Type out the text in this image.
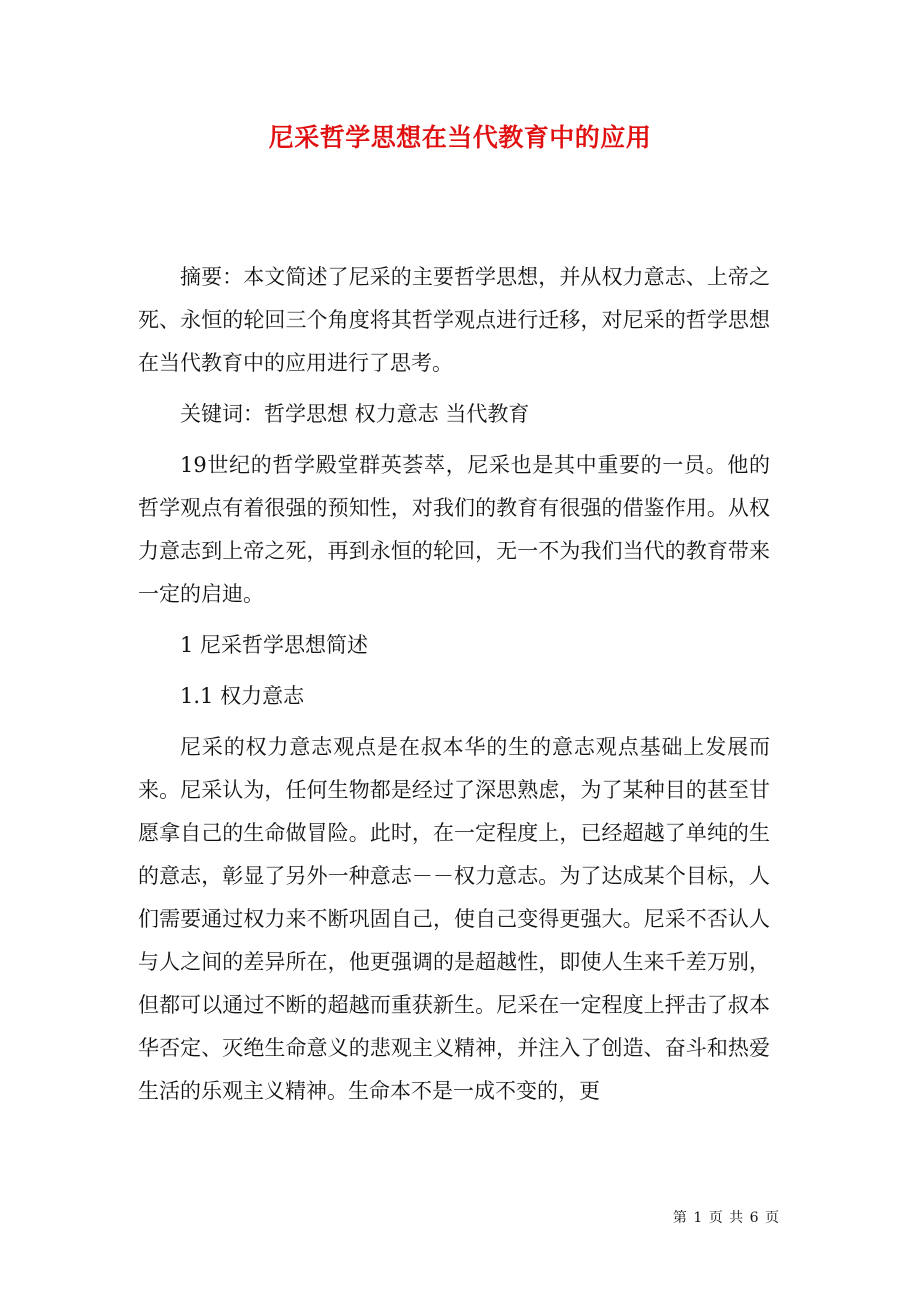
尼采哲学思想在当代教育中的应用

摘要：本文简述了尼采的主要哲学思想，并从权力意志、上帝之死、永恒的轮回三个角度将其哲学观点进行迁移，对尼采的哲学思想在当代教育中的应用进行了思考。

关键词：哲学思想 权力意志 当代教育

19世纪的哲学殿堂群英荟萃，尼采也是其中重要的一员。他的哲学观点有着很强的预知性，对我们的教育有很强的借鉴作用。从权力意志到上帝之死，再到永恒的轮回，无一不为我们当代的教育带来一定的启迪。

1 尼采哲学思想简述

1.1 权力意志

尼采的权力意志观点是在叔本华的生的意志观点基础上发展而来。尼采认为，任何生物都是经过了深思熟虑，为了某种目的甚至甘愿拿自己的生命做冒险。此时，在一定程度上，已经超越了单纯的生的意志，彰显了另外一种意志－－权力意志。为了达成某个目标，人们需要通过权力来不断巩固自己，使自己变得更强大。尼采不否认人与人之间的差异所在，他更强调的是超越性，即使人生来千差万别，但都可以通过不断的超越而重获新生。尼采在一定程度上抨击了叔本华否定、灭绝生命意义的悲观主义精神，并注入了创造、奋斗和热爱生活的乐观主义精神。生命本不是一成不变的，更

第 1 页 共 6 页
